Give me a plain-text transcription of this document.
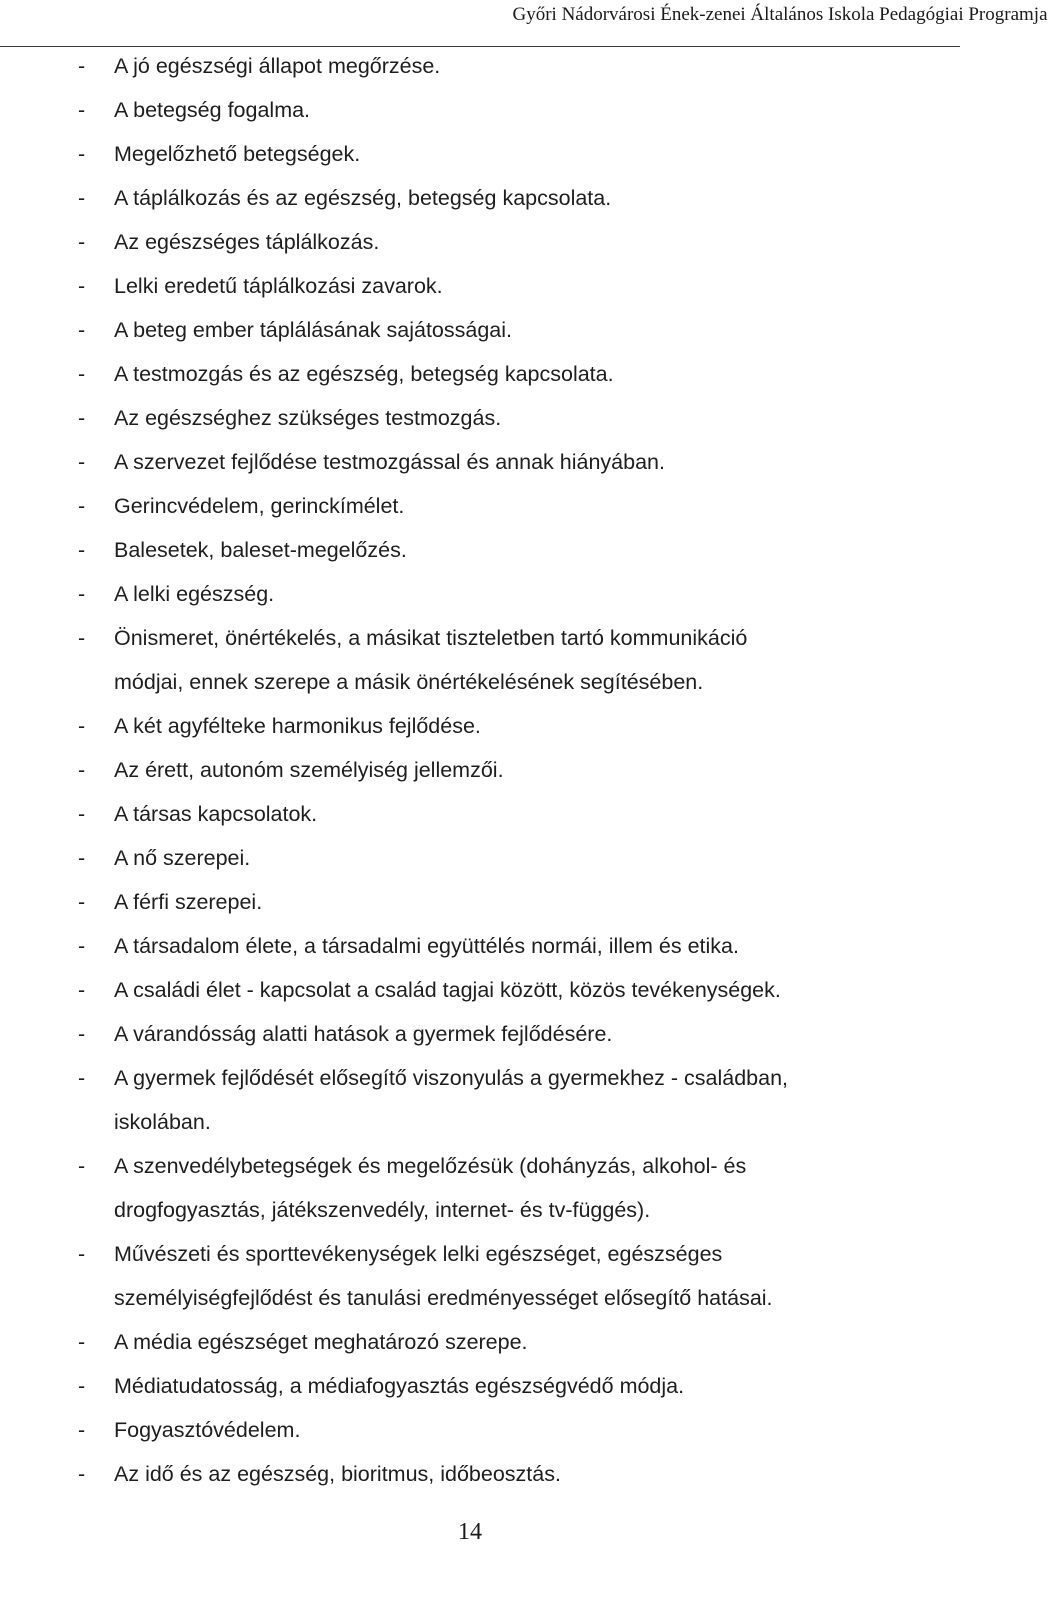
Győri Nádorvárosi Ének-zenei Általános Iskola Pedagógiai Programja
- A jó egészségi állapot megőrzése.
- A betegség fogalma.
- Megelőzhető betegségek.
- A táplálkozás és az egészség, betegség kapcsolata.
- Az egészséges táplálkozás.
- Lelki eredetű táplálkozási zavarok.
- A beteg ember táplálásának sajátosságai.
- A testmozgás és az egészség, betegség kapcsolata.
- Az egészséghez szükséges testmozgás.
- A szervezet fejlődése testmozgással és annak hiányában.
- Gerincvédelem, gerinckímélet.
- Balesetek, baleset-megelőzés.
- A lelki egészség.
- Önismeret, önértékelés, a másikat tiszteletben tartó kommunikáció
módjai, ennek szerepe a másik önértékelésének segítésében.
- A két agyfélteke harmonikus fejlődése.
- Az érett, autonóm személyiség jellemzői.
- A társas kapcsolatok.
- A nő szerepei.
- A férfi szerepei.
- A társadalom élete, a társadalmi együttélés normái, illem és etika.
- A családi élet - kapcsolat a család tagjai között, közös tevékenységek.
- A várandósság alatti hatások a gyermek fejlődésére.
- A gyermek fejlődését elősegítő viszonyulás a gyermekhez - családban,
iskolában.
- A szenvedélybetegségek és megelőzésük (dohányzás, alkohol- és
drogfogyasztás, játékszenvedély, internet- és tv-függés).
- Művészeti és sporttevékenységek lelki egészséget, egészséges
személyiségfejlődést és tanulási eredményességet elősegítő hatásai.
- A média egészséget meghatározó szerepe.
- Médiatudatosság, a médiafogyasztás egészségvédő módja.
- Fogyasztóvédelem.
- Az idő és az egészség, bioritmus, időbeosztás.
14
